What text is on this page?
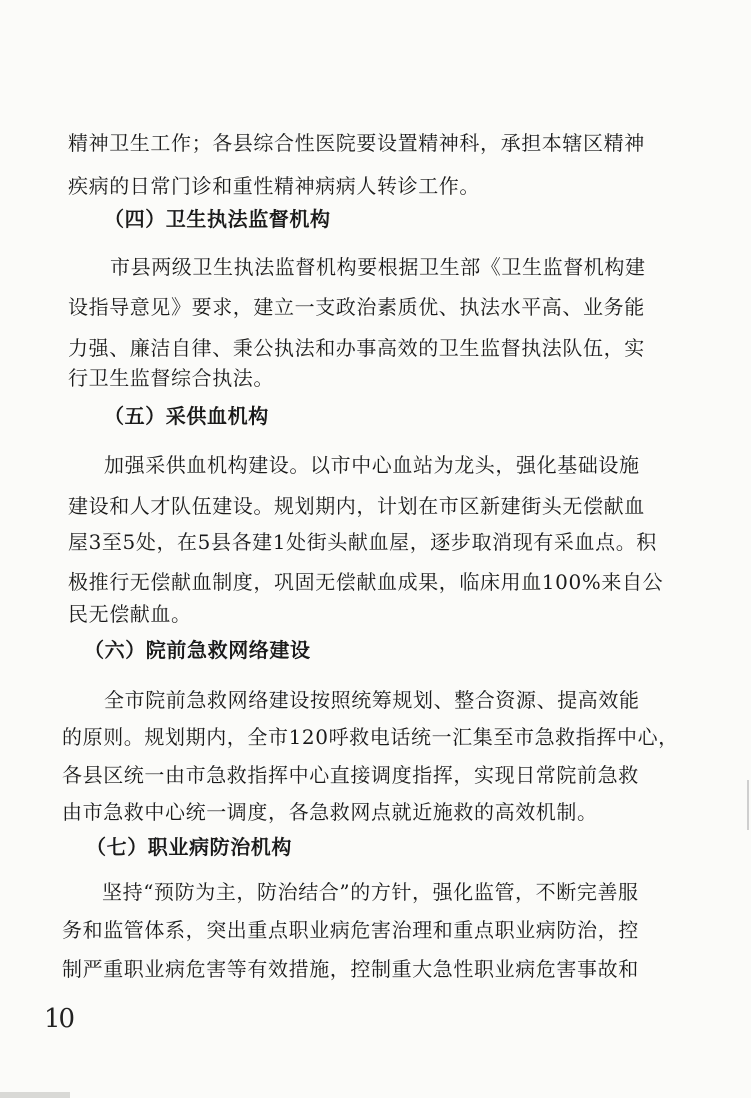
精神卫生工作；各县综合性医院要设置精神科，承担本辖区精神
疾病的日常门诊和重性精神病病人转诊工作。
（四）卫生执法监督机构
市县两级卫生执法监督机构要根据卫生部《卫生监督机构建
设指导意见》要求，建立一支政治素质优、执法水平高、业务能
力强、廉洁自律、秉公执法和办事高效的卫生监督执法队伍，实
行卫生监督综合执法。
（五）采供血机构
加强采供血机构建设。以市中心血站为龙头，强化基础设施
建设和人才队伍建设。规划期内，计划在市区新建街头无偿献血
屋3至5处，在5县各建1处街头献血屋，逐步取消现有采血点。积
极推行无偿献血制度，巩固无偿献血成果，临床用血100%来自公
民无偿献血。
（六）院前急救网络建设
全市院前急救网络建设按照统筹规划、整合资源、提高效能
的原则。规划期内，全市120呼救电话统一汇集至市急救指挥中心，
各县区统一由市急救指挥中心直接调度指挥，实现日常院前急救
由市急救中心统一调度，各急救网点就近施救的高效机制。
（七）职业病防治机构
坚持“预防为主，防治结合”的方针，强化监管，不断完善服
务和监管体系，突出重点职业病危害治理和重点职业病防治，控
制严重职业病危害等有效措施，控制重大急性职业病危害事故和
10
